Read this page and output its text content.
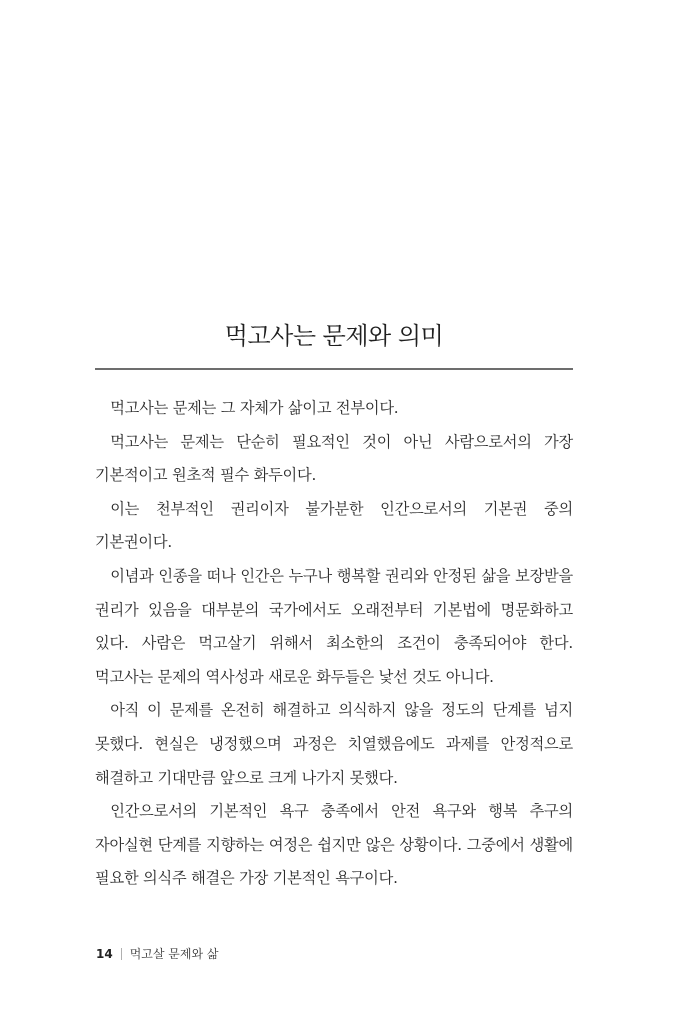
먹고사는 문제와 의미

먹고사는 문제는 그 자체가 삶이고 전부이다.

먹고사는 문제는 단순히 필요적인 것이 아닌 사람으로서의 가장 기본적이고 원초적 필수 화두이다.

이는 천부적인 권리이자 불가분한 인간으로서의 기본권 중의 기본권이다.

이념과 인종을 떠나 인간은 누구나 행복할 권리와 안정된 삶을 보장받을 권리가 있음을 대부분의 국가에서도 오래전부터 기본법에 명문화하고 있다. 사람은 먹고살기 위해서 최소한의 조건이 충족되어야 한다. 먹고사는 문제의 역사성과 새로운 화두들은 낯선 것도 아니다.

아직 이 문제를 온전히 해결하고 의식하지 않을 정도의 단계를 넘지 못했다. 현실은 냉정했으며 과정은 치열했음에도 과제를 안정적으로 해결하고 기대만큼 앞으로 크게 나가지 못했다.

인간으로서의 기본적인 욕구 충족에서 안전 욕구와 행복 추구의 자아실현 단계를 지향하는 여정은 쉽지만 않은 상황이다. 그중에서 생활에 필요한 의식주 해결은 가장 기본적인 욕구이다.

14 먹고살 문제와 삶
